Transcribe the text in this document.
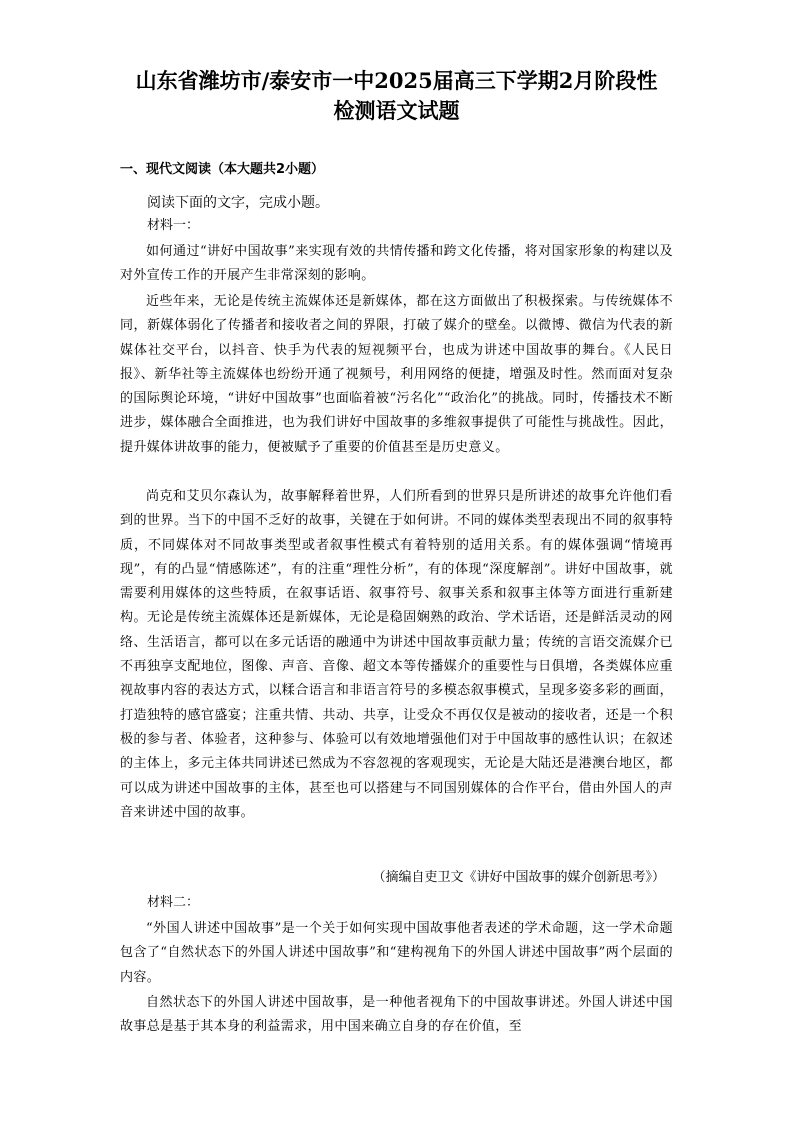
山东省潍坊市/泰安市一中2025届高三下学期2月阶段性
检测语文试题
一、现代文阅读（本大题共2小题）
阅读下面的文字，完成小题。
材料一：
如何通过“讲好中国故事”来实现有效的共情传播和跨文化传播，将对国家形象的构建以及对外宣传工作的开展产生非常深刻的影响。
近些年来，无论是传统主流媒体还是新媒体，都在这方面做出了积极探索。与传统媒体不同，新媒体弱化了传播者和接收者之间的界限，打破了媒介的壁垒。以微博、微信为代表的新媒体社交平台，以抖音、快手为代表的短视频平台，也成为讲述中国故事的舞台。《人民日报》、新华社等主流媒体也纷纷开通了视频号，利用网络的便捷，增强及时性。然而面对复杂的国际舆论环境，“讲好中国故事”也面临着被“污名化”“政治化”的挑战。同时，传播技术不断进步，媒体融合全面推进，也为我们讲好中国故事的多维叙事提供了可能性与挑战性。因此，提升媒体讲故事的能力，便被赋予了重要的价值甚至是历史意义。
尚克和艾贝尔森认为，故事解释着世界，人们所看到的世界只是所讲述的故事允许他们看到的世界。当下的中国不乏好的故事，关键在于如何讲。不同的媒体类型表现出不同的叙事特质，不同媒体对不同故事类型或者叙事性模式有着特别的适用关系。有的媒体强调“情境再现”，有的凸显“情感陈述”，有的注重“理性分析”，有的体现“深度解剖”。讲好中国故事，就需要利用媒体的这些特质，在叙事话语、叙事符号、叙事关系和叙事主体等方面进行重新建构。无论是传统主流媒体还是新媒体，无论是稳固娴熟的政治、学术话语，还是鲜活灵动的网络、生活语言，都可以在多元话语的融通中为讲述中国故事贡献力量；传统的言语交流媒介已不再独享支配地位，图像、声音、音像、超文本等传播媒介的重要性与日俱增，各类媒体应重视故事内容的表达方式，以糅合语言和非语言符号的多模态叙事模式，呈现多姿多彩的画面，打造独特的感官盛宴；注重共情、共动、共享，让受众不再仅仅是被动的接收者，还是一个积极的参与者、体验者，这种参与、体验可以有效地增强他们对于中国故事的感性认识；在叙述的主体上，多元主体共同讲述已然成为不容忽视的客观现实，无论是大陆还是港澳台地区，都可以成为讲述中国故事的主体，甚至也可以搭建与不同国别媒体的合作平台，借由外国人的声音来讲述中国的故事。
（摘编自吏卫文《讲好中国故事的媒介创新思考》）
材料二：
“外国人讲述中国故事”是一个关于如何实现中国故事他者表述的学术命题，这一学术命题包含了“自然状态下的外国人讲述中国故事”和“建构视角下的外国人讲述中国故事”两个层面的内容。
自然状态下的外国人讲述中国故事，是一种他者视角下的中国故事讲述。外国人讲述中国故事总是基于其本身的利益需求，用中国来确立自身的存在价值，至
